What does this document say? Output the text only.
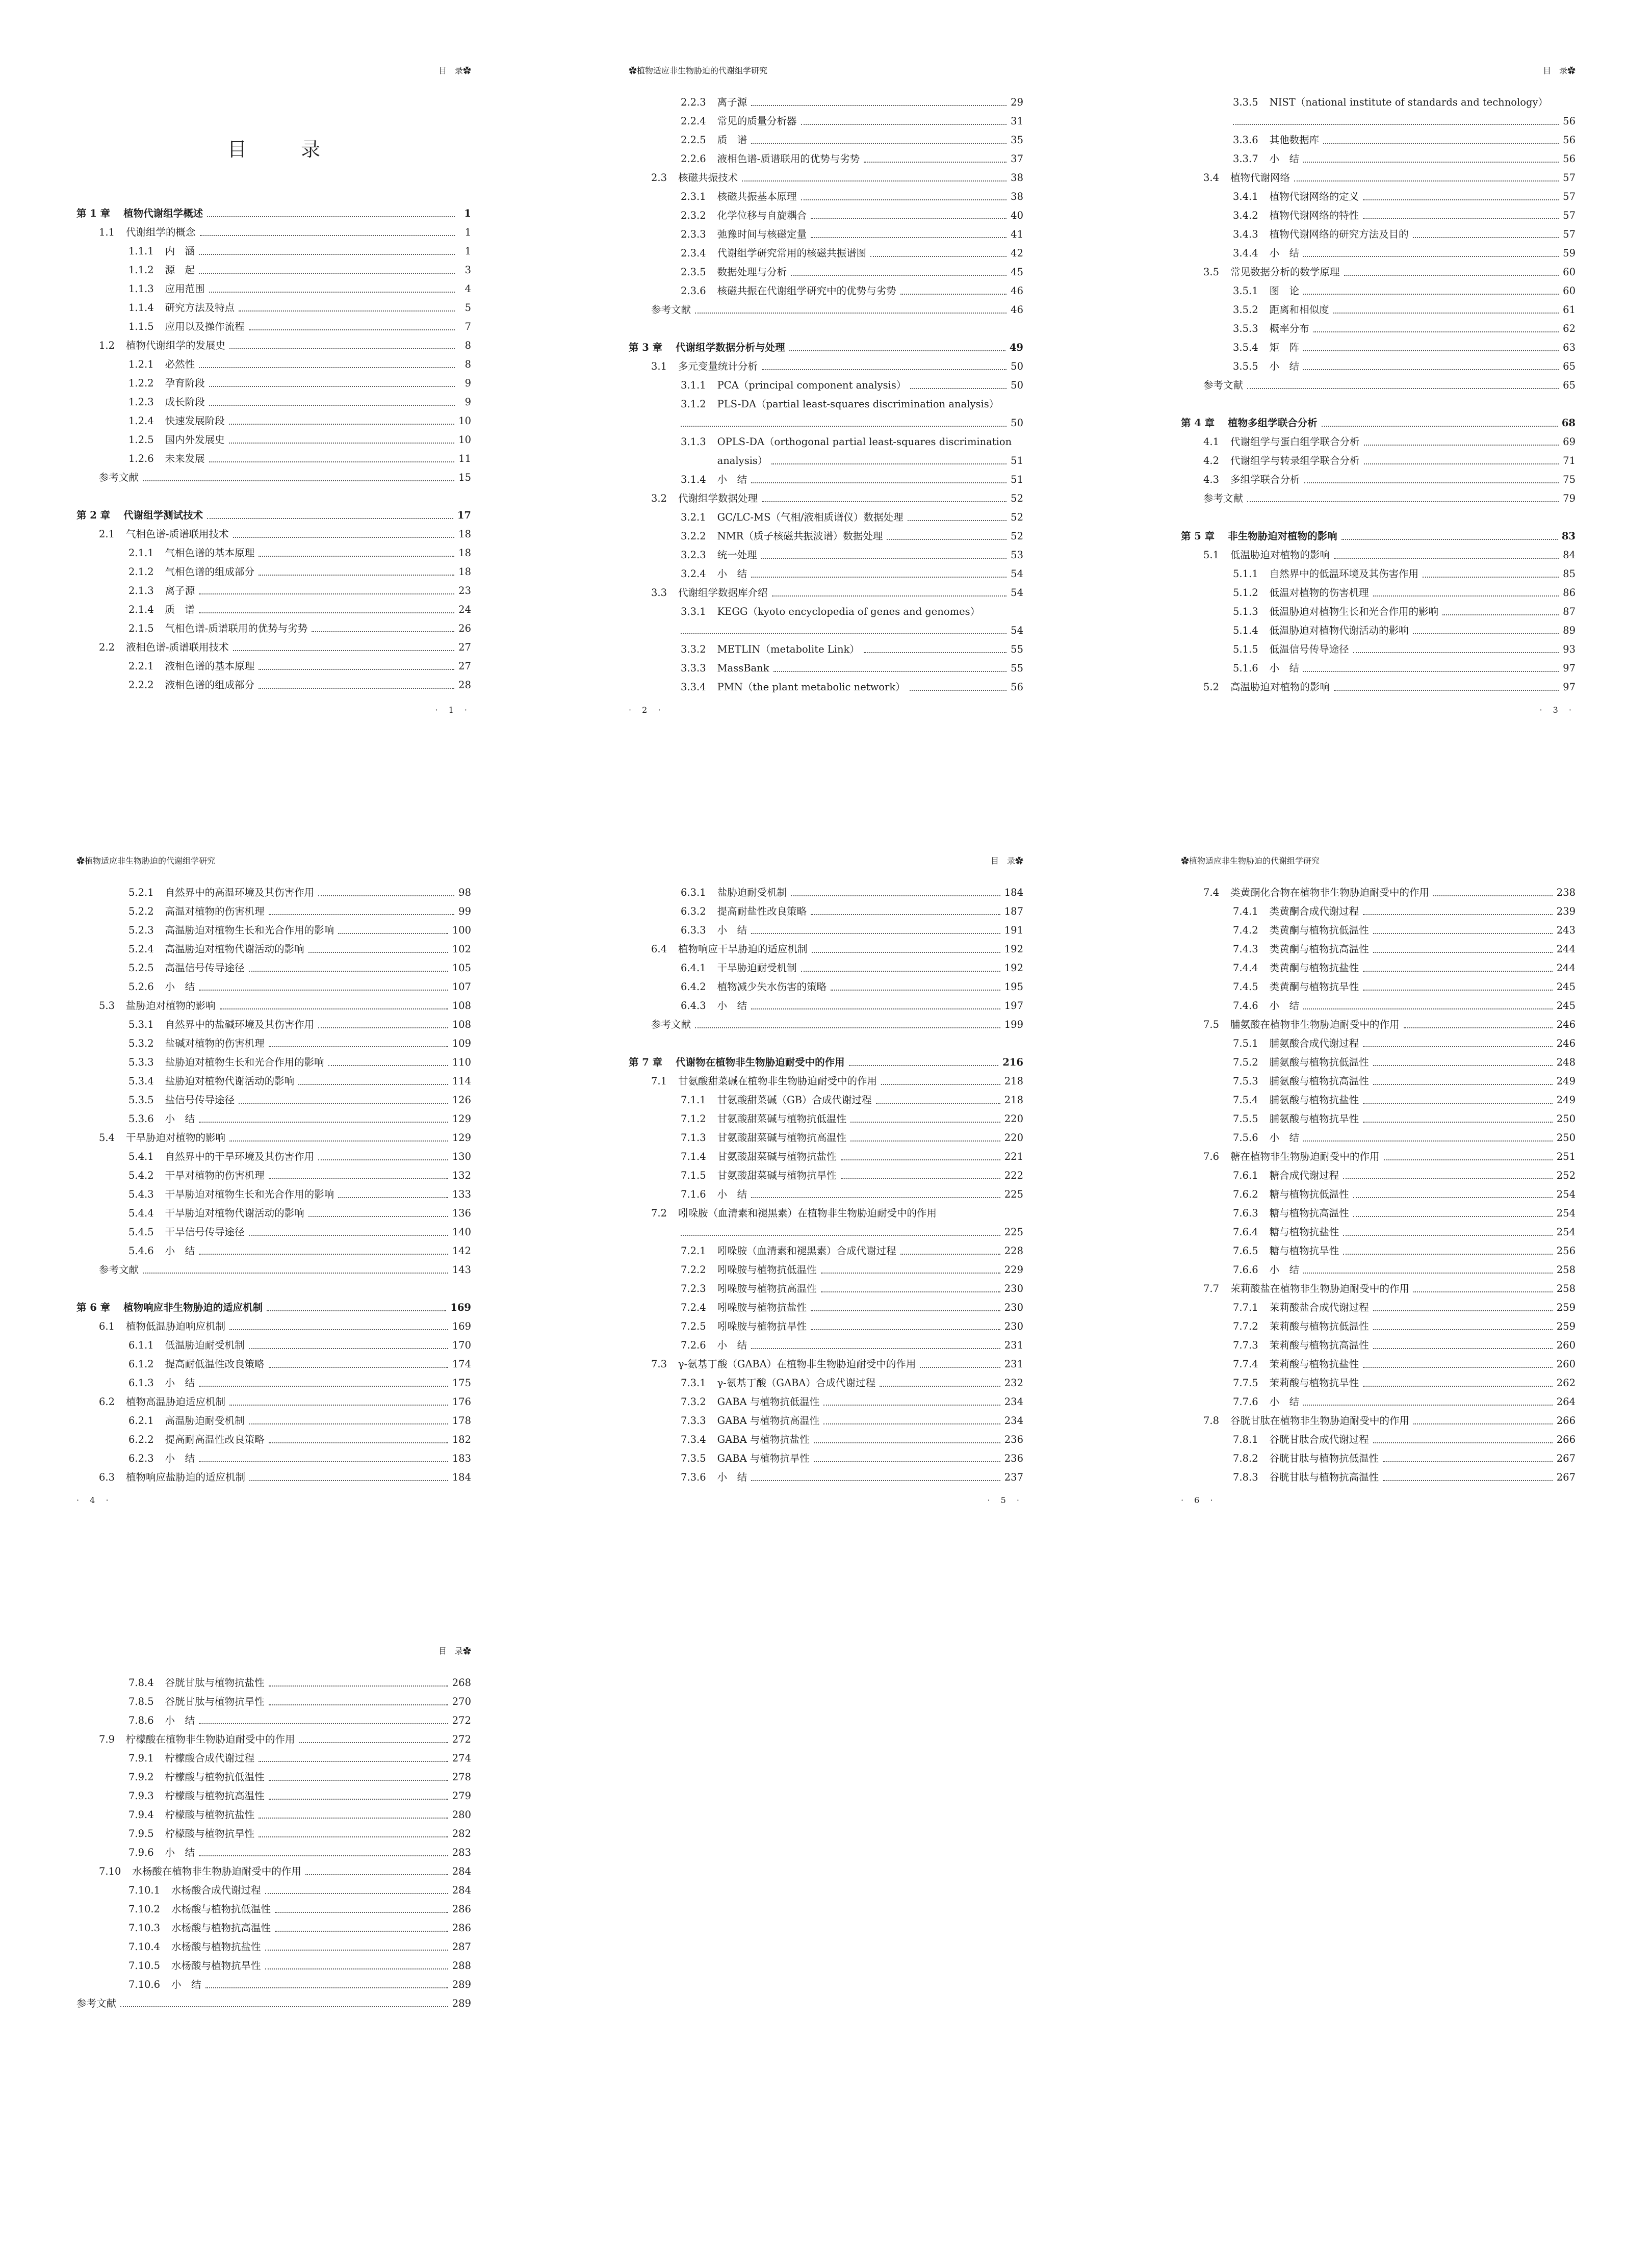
目　录✿
目　录
第 1 章 植物代谢组学概述	1
1.1 代谢组学的概念	1
1.1.1 内　涵	1
1.1.2 源　起	3
1.1.3 应用范围	4
1.1.4 研究方法及特点	5
1.1.5 应用以及操作流程	7
1.2 植物代谢组学的发展史	8
1.2.1 必然性	8
1.2.2 孕育阶段	9
1.2.3 成长阶段	9
1.2.4 快速发展阶段	10
1.2.5 国内外发展史	10
1.2.6 未来发展	11
参考文献	15
第 2 章 代谢组学测试技术	17
2.1 气相色谱-质谱联用技术	18
2.1.1 气相色谱的基本原理	18
2.1.2 气相色谱的组成部分	18
2.1.3 离子源	23
2.1.4 质　谱	24
2.1.5 气相色谱-质谱联用的优势与劣势	26
2.2 液相色谱-质谱联用技术	27
2.2.1 液相色谱的基本原理	27
2.2.2 液相色谱的组成部分	28
· 1 ·
✿植物适应非生物胁迫的代谢组学研究
2.2.3 离子源	29
2.2.4 常见的质量分析器	31
2.2.5 质　谱	35
2.2.6 液相色谱-质谱联用的优势与劣势	37
2.3 核磁共振技术	38
2.3.1 核磁共振基本原理	38
2.3.2 化学位移与自旋耦合	40
2.3.3 弛豫时间与核磁定量	41
2.3.4 代谢组学研究常用的核磁共振谱图	42
2.3.5 数据处理与分析	45
2.3.6 核磁共振在代谢组学研究中的优势与劣势	46
参考文献	46
第 3 章 代谢组学数据分析与处理	49
3.1 多元变量统计分析	50
3.1.1 PCA（principal component analysis）	50
3.1.2 PLS-DA（partial least-squares discrimination analysis）
50
3.1.3 OPLS-DA（orthogonal partial least-squares discrimination
analysis）	51
3.1.4 小　结	51
3.2 代谢组学数据处理	52
3.2.1 GC/LC-MS（气相/液相质谱仪）数据处理	52
3.2.2 NMR（质子核磁共振波谱）数据处理	52
3.2.3 统一处理	53
3.2.4 小　结	54
3.3 代谢组学数据库介绍	54
3.3.1 KEGG（kyoto encyclopedia of genes and genomes）
54
3.3.2 METLIN（metabolite Link）	55
3.3.3 MassBank	55
3.3.4 PMN（the plant metabolic network）	56
· 2 ·
目　录✿
3.3.5 NIST（national institute of standards and technology）
56
3.3.6 其他数据库	56
3.3.7 小　结	56
3.4 植物代谢网络	57
3.4.1 植物代谢网络的定义	57
3.4.2 植物代谢网络的特性	57
3.4.3 植物代谢网络的研究方法及目的	57
3.4.4 小　结	59
3.5 常见数据分析的数学原理	60
3.5.1 图　论	60
3.5.2 距离和相似度	61
3.5.3 概率分布	62
3.5.4 矩　阵	63
3.5.5 小　结	65
参考文献	65
第 4 章 植物多组学联合分析	68
4.1 代谢组学与蛋白组学联合分析	69
4.2 代谢组学与转录组学联合分析	71
4.3 多组学联合分析	75
参考文献	79
第 5 章 非生物胁迫对植物的影响	83
5.1 低温胁迫对植物的影响	84
5.1.1 自然界中的低温环境及其伤害作用	85
5.1.2 低温对植物的伤害机理	86
5.1.3 低温胁迫对植物生长和光合作用的影响	87
5.1.4 低温胁迫对植物代谢活动的影响	89
5.1.5 低温信号传导途径	93
5.1.6 小　结	97
5.2 高温胁迫对植物的影响	97
· 3 ·
✿植物适应非生物胁迫的代谢组学研究
5.2.1 自然界中的高温环境及其伤害作用	98
5.2.2 高温对植物的伤害机理	99
5.2.3 高温胁迫对植物生长和光合作用的影响	100
5.2.4 高温胁迫对植物代谢活动的影响	102
5.2.5 高温信号传导途径	105
5.2.6 小　结	107
5.3 盐胁迫对植物的影响	108
5.3.1 自然界中的盐碱环境及其伤害作用	108
5.3.2 盐碱对植物的伤害机理	109
5.3.3 盐胁迫对植物生长和光合作用的影响	110
5.3.4 盐胁迫对植物代谢活动的影响	114
5.3.5 盐信号传导途径	126
5.3.6 小　结	129
5.4 干旱胁迫对植物的影响	129
5.4.1 自然界中的干旱环境及其伤害作用	130
5.4.2 干旱对植物的伤害机理	132
5.4.3 干旱胁迫对植物生长和光合作用的影响	133
5.4.4 干旱胁迫对植物代谢活动的影响	136
5.4.5 干旱信号传导途径	140
5.4.6 小　结	142
参考文献	143
第 6 章 植物响应非生物胁迫的适应机制	169
6.1 植物低温胁迫响应机制	169
6.1.1 低温胁迫耐受机制	170
6.1.2 提高耐低温性改良策略	174
6.1.3 小　结	175
6.2 植物高温胁迫适应机制	176
6.2.1 高温胁迫耐受机制	178
6.2.2 提高耐高温性改良策略	182
6.2.3 小　结	183
6.3 植物响应盐胁迫的适应机制	184
· 4 ·
目　录✿
6.3.1 盐胁迫耐受机制	184
6.3.2 提高耐盐性改良策略	187
6.3.3 小　结	191
6.4 植物响应干旱胁迫的适应机制	192
6.4.1 干旱胁迫耐受机制	192
6.4.2 植物减少失水伤害的策略	195
6.4.3 小　结	197
参考文献	199
第 7 章 代谢物在植物非生物胁迫耐受中的作用	216
7.1 甘氨酸甜菜碱在植物非生物胁迫耐受中的作用	218
7.1.1 甘氨酸甜菜碱（GB）合成代谢过程	218
7.1.2 甘氨酸甜菜碱与植物抗低温性	220
7.1.3 甘氨酸甜菜碱与植物抗高温性	220
7.1.4 甘氨酸甜菜碱与植物抗盐性	221
7.1.5 甘氨酸甜菜碱与植物抗旱性	222
7.1.6 小　结	225
7.2 吲哚胺（血清素和褪黑素）在植物非生物胁迫耐受中的作用
225
7.2.1 吲哚胺（血清素和褪黑素）合成代谢过程	228
7.2.2 吲哚胺与植物抗低温性	229
7.2.3 吲哚胺与植物抗高温性	230
7.2.4 吲哚胺与植物抗盐性	230
7.2.5 吲哚胺与植物抗旱性	230
7.2.6 小　结	231
7.3 γ-氨基丁酸（GABA）在植物非生物胁迫耐受中的作用	231
7.3.1 γ-氨基丁酸（GABA）合成代谢过程	232
7.3.2 GABA 与植物抗低温性	234
7.3.3 GABA 与植物抗高温性	234
7.3.4 GABA 与植物抗盐性	236
7.3.5 GABA 与植物抗旱性	236
7.3.6 小　结	237
· 5 ·
✿植物适应非生物胁迫的代谢组学研究
7.4 类黄酮化合物在植物非生物胁迫耐受中的作用	238
7.4.1 类黄酮合成代谢过程	239
7.4.2 类黄酮与植物抗低温性	243
7.4.3 类黄酮与植物抗高温性	244
7.4.4 类黄酮与植物抗盐性	244
7.4.5 类黄酮与植物抗旱性	245
7.4.6 小　结	245
7.5 脯氨酸在植物非生物胁迫耐受中的作用	246
7.5.1 脯氨酸合成代谢过程	246
7.5.2 脯氨酸与植物抗低温性	248
7.5.3 脯氨酸与植物抗高温性	249
7.5.4 脯氨酸与植物抗盐性	249
7.5.5 脯氨酸与植物抗旱性	250
7.5.6 小　结	250
7.6 糖在植物非生物胁迫耐受中的作用	251
7.6.1 糖合成代谢过程	252
7.6.2 糖与植物抗低温性	254
7.6.3 糖与植物抗高温性	254
7.6.4 糖与植物抗盐性	254
7.6.5 糖与植物抗旱性	256
7.6.6 小　结	258
7.7 茉莉酸盐在植物非生物胁迫耐受中的作用	258
7.7.1 茉莉酸盐合成代谢过程	259
7.7.2 茉莉酸与植物抗低温性	259
7.7.3 茉莉酸与植物抗高温性	260
7.7.4 茉莉酸与植物抗盐性	260
7.7.5 茉莉酸与植物抗旱性	262
7.7.6 小　结	264
7.8 谷胱甘肽在植物非生物胁迫耐受中的作用	266
7.8.1 谷胱甘肽合成代谢过程	266
7.8.2 谷胱甘肽与植物抗低温性	267
7.8.3 谷胱甘肽与植物抗高温性	267
· 6 ·
目　录✿
7.8.4 谷胱甘肽与植物抗盐性	268
7.8.5 谷胱甘肽与植物抗旱性	270
7.8.6 小　结	272
7.9 柠檬酸在植物非生物胁迫耐受中的作用	272
7.9.1 柠檬酸合成代谢过程	274
7.9.2 柠檬酸与植物抗低温性	278
7.9.3 柠檬酸与植物抗高温性	279
7.9.4 柠檬酸与植物抗盐性	280
7.9.5 柠檬酸与植物抗旱性	282
7.9.6 小　结	283
7.10 水杨酸在植物非生物胁迫耐受中的作用	284
7.10.1 水杨酸合成代谢过程	284
7.10.2 水杨酸与植物抗低温性	286
7.10.3 水杨酸与植物抗高温性	286
7.10.4 水杨酸与植物抗盐性	287
7.10.5 水杨酸与植物抗旱性	288
7.10.6 小　结	289
参考文献	289
